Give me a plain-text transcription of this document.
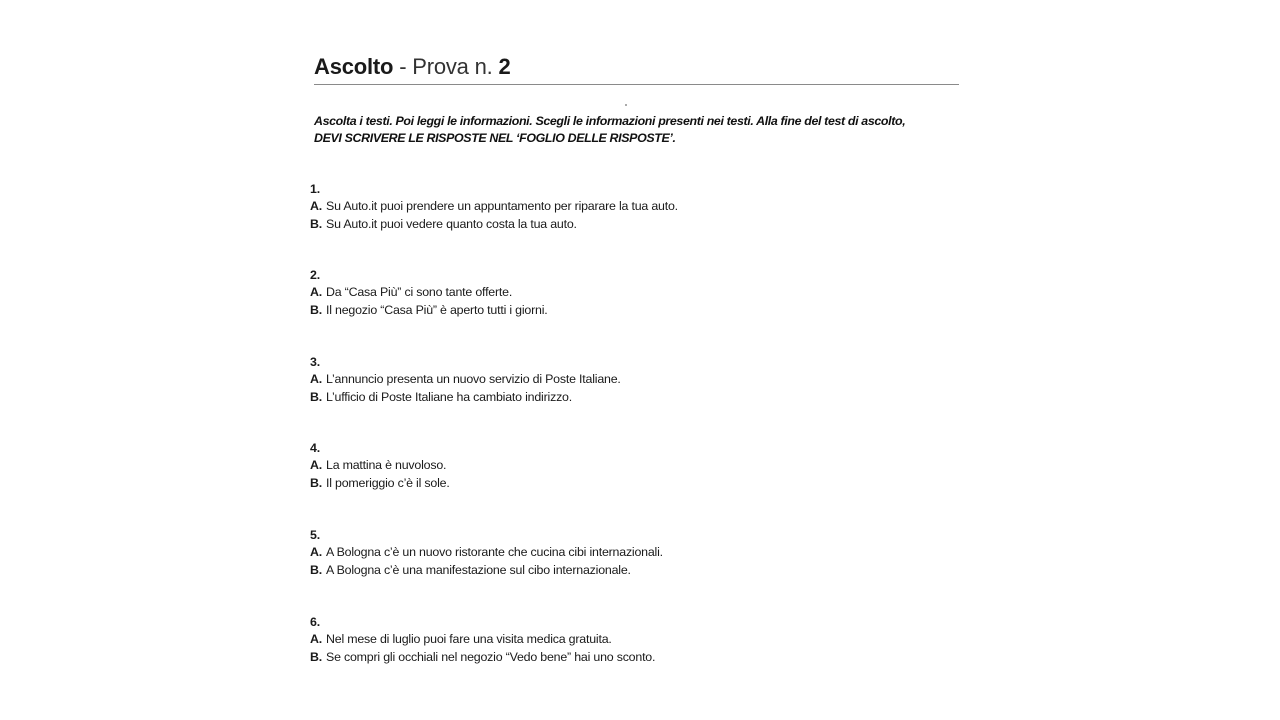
Ascolto - Prova n. 2
Ascolta i testi. Poi leggi le informazioni. Scegli le informazioni presenti nei testi. Alla fine del test di ascolto,
DEVI SCRIVERE LE RISPOSTE NEL ‘FOGLIO DELLE RISPOSTE’.
1.
A. Su Auto.it puoi prendere un appuntamento per riparare la tua auto.
B. Su Auto.it puoi vedere quanto costa la tua auto.
2.
A. Da “Casa Più” ci sono tante offerte.
B. Il negozio “Casa Più” è aperto tutti i giorni.
3.
A. L’annuncio presenta un nuovo servizio di Poste Italiane.
B. L’ufficio di Poste Italiane ha cambiato indirizzo.
4.
A. La mattina è nuvoloso.
B. Il pomeriggio c’è il sole.
5.
A. A Bologna c’è un nuovo ristorante che cucina cibi internazionali.
B. A Bologna c’è una manifestazione sul cibo internazionale.
6.
A. Nel mese di luglio puoi fare una visita medica gratuita.
B. Se compri gli occhiali nel negozio “Vedo bene” hai uno sconto.
